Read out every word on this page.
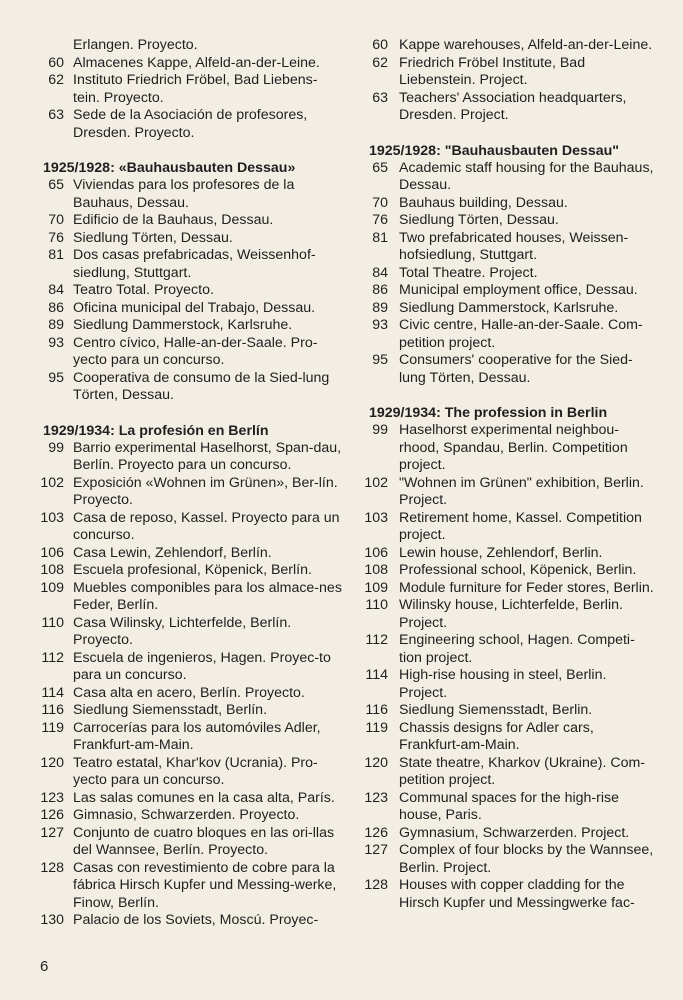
Erlangen. Proyecto.
60 Almacenes Kappe, Alfeld-an-der-Leine.
62 Instituto Friedrich Fröbel, Bad Liebens-tein. Proyecto.
63 Sede de la Asociación de profesores, Dresden. Proyecto.
1925/1928: «Bauhausbauten Dessau»
65 Viviendas para los profesores de la Bauhaus, Dessau.
70 Edificio de la Bauhaus, Dessau.
76 Siedlung Törten, Dessau.
81 Dos casas prefabricadas, Weissenhof-siedlung, Stuttgart.
84 Teatro Total. Proyecto.
86 Oficina municipal del Trabajo, Dessau.
89 Siedlung Dammerstock, Karlsruhe.
93 Centro cívico, Halle-an-der-Saale. Pro-yecto para un concurso.
95 Cooperativa de consumo de la Sied-lung Törten, Dessau.
1929/1934: La profesión en Berlín
99 Barrio experimental Haselhorst, Span-dau, Berlín. Proyecto para un concurso.
102 Exposición «Wohnen im Grünen», Ber-lín. Proyecto.
103 Casa de reposo, Kassel. Proyecto para un concurso.
106 Casa Lewin, Zehlendorf, Berlín.
108 Escuela profesional, Köpenick, Berlín.
109 Muebles componibles para los almace-nes Feder, Berlín.
110 Casa Wilinsky, Lichterfelde, Berlín. Proyecto.
112 Escuela de ingenieros, Hagen. Proyec-to para un concurso.
114 Casa alta en acero, Berlín. Proyecto.
116 Siedlung Siemensstadt, Berlín.
119 Carrocerías para los automóviles Adler, Frankfurt-am-Main.
120 Teatro estatal, Khar'kov (Ucrania). Pro-yecto para un concurso.
123 Las salas comunes en la casa alta, París.
126 Gimnasio, Schwarzerden. Proyecto.
127 Conjunto de cuatro bloques en las ori-llas del Wannsee, Berlín. Proyecto.
128 Casas con revestimiento de cobre para la fábrica Hirsch Kupfer und Messing-werke, Finow, Berlín.
130 Palacio de los Soviets, Moscú. Proyec-
60 Kappe warehouses, Alfeld-an-der-Leine.
62 Friedrich Fröbel Institute, Bad Liebenstein. Project.
63 Teachers' Association headquarters, Dresden. Project.
1925/1928: "Bauhausbauten Dessau"
65 Academic staff housing for the Bauhaus, Dessau.
70 Bauhaus building, Dessau.
76 Siedlung Törten, Dessau.
81 Two prefabricated houses, Weissen-hofsiedlung, Stuttgart.
84 Total Theatre. Project.
86 Municipal employment office, Dessau.
89 Siedlung Dammerstock, Karlsruhe.
93 Civic centre, Halle-an-der-Saale. Com-petition project.
95 Consumers' cooperative for the Sied-lung Törten, Dessau.
1929/1934: The profession in Berlin
99 Haselhorst experimental neighbou-rhood, Spandau, Berlin. Competition project.
102 "Wohnen im Grünen" exhibition, Berlin. Project.
103 Retirement home, Kassel. Competition project.
106 Lewin house, Zehlendorf, Berlin.
108 Professional school, Köpenick, Berlin.
109 Module furniture for Feder stores, Berlin.
110 Wilinsky house, Lichterfelde, Berlin. Project.
112 Engineering school, Hagen. Competi-tion project.
114 High-rise housing in steel, Berlin. Project.
116 Siedlung Siemensstadt, Berlin.
119 Chassis designs for Adler cars, Frankfurt-am-Main.
120 State theatre, Kharkov (Ukraine). Com-petition project.
123 Communal spaces for the high-rise house, Paris.
126 Gymnasium, Schwarzerden. Project.
127 Complex of four blocks by the Wannsee, Berlin. Project.
128 Houses with copper cladding for the Hirsch Kupfer und Messingwerke fac-
6
